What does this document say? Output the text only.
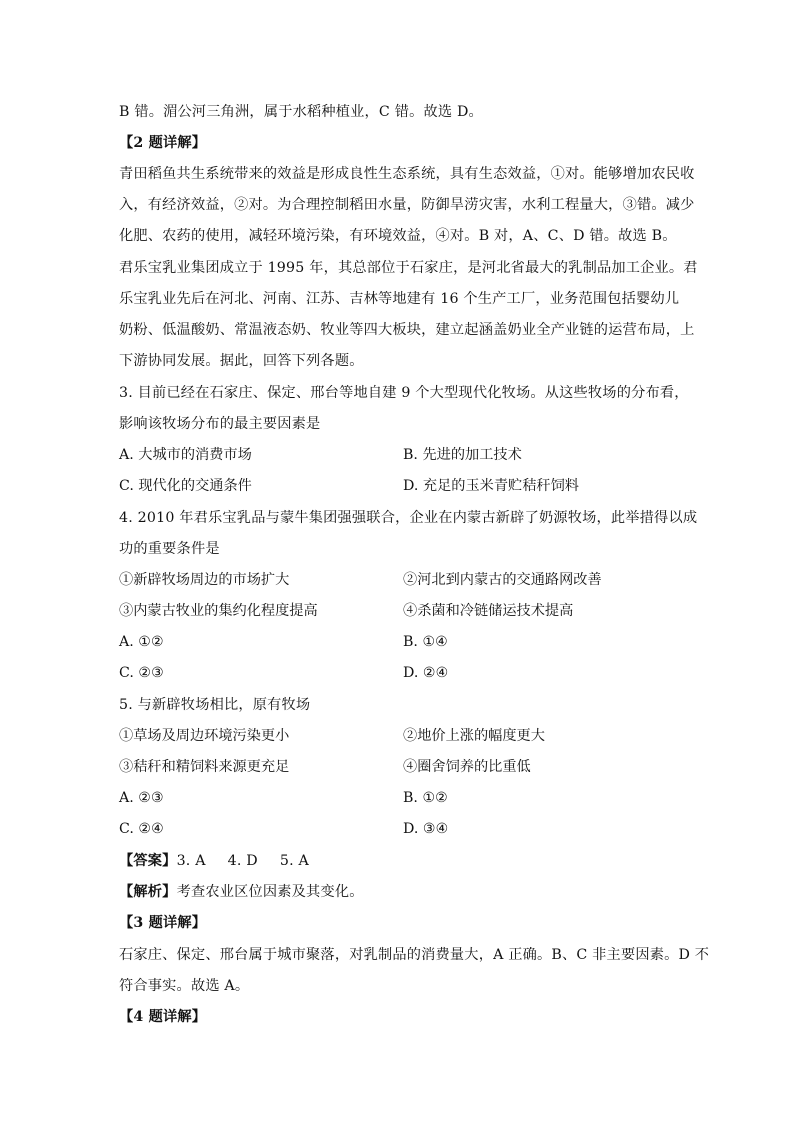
B 错。湄公河三角洲，属于水稻种植业，C 错。故选 D。
【2 题详解】
青田稻鱼共生系统带来的效益是形成良性生态系统，具有生态效益，①对。能够增加农民收
入，有经济效益，②对。为合理控制稻田水量，防御旱涝灾害，水利工程量大，③错。减少
化肥、农药的使用，减轻环境污染，有环境效益，④对。B 对，A、C、D 错。故选 B。
君乐宝乳业集团成立于 1995 年，其总部位于石家庄，是河北省最大的乳制品加工企业。君
乐宝乳业先后在河北、河南、江苏、吉林等地建有 16 个生产工厂，业务范围包括婴幼儿
奶粉、低温酸奶、常温液态奶、牧业等四大板块，建立起涵盖奶业全产业链的运营布局，上
下游协同发展。据此，回答下列各题。
3. 目前已经在石家庄、保定、邢台等地自建 9 个大型现代化牧场。从这些牧场的分布看，
影响该牧场分布的最主要因素是
A. 大城市的消费市场	B. 先进的加工技术
C. 现代化的交通条件	D. 充足的玉米青贮秸秆饲料
4. 2010 年君乐宝乳品与蒙牛集团强强联合，企业在内蒙古新辟了奶源牧场，此举措得以成
功的重要条件是
①新辟牧场周边的市场扩大	②河北到内蒙古的交通路网改善
③内蒙古牧业的集约化程度提高	④杀菌和冷链储运技术提高
A. ①②	B. ①④
C. ②③	D. ②④
5. 与新辟牧场相比，原有牧场
①草场及周边环境污染更小	②地价上涨的幅度更大
③秸秆和精饲料来源更充足	④圈舍饲养的比重低
A. ②③	B. ①②
C. ②④	D. ③④
【答案】3. A 4. D 5. A
【解析】考查农业区位因素及其变化。
【3 题详解】
石家庄、保定、邢台属于城市聚落，对乳制品的消费量大，A 正确。B、C 非主要因素。D 不
符合事实。故选 A。
【4 题详解】
